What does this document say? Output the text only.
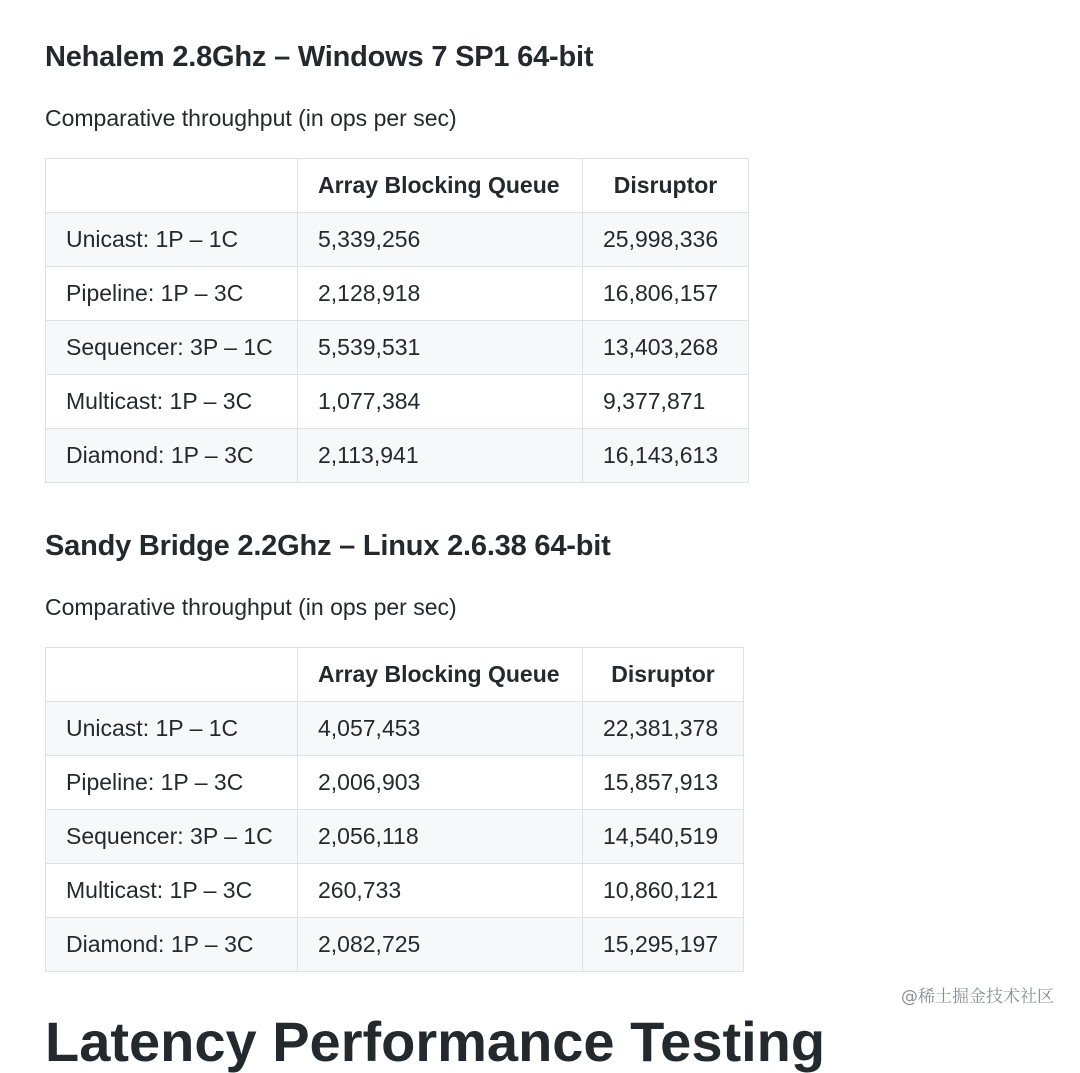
Nehalem 2.8Ghz – Windows 7 SP1 64-bit

Comparative throughput (in ops per sec)

	Array Blocking Queue	Disruptor
Unicast: 1P – 1C	5,339,256	25,998,336
Pipeline: 1P – 3C	2,128,918	16,806,157
Sequencer: 3P – 1C	5,539,531	13,403,268
Multicast: 1P – 3C	1,077,384	9,377,871
Diamond: 1P – 3C	2,113,941	16,143,613
Sandy Bridge 2.2Ghz – Linux 2.6.38 64-bit

Comparative throughput (in ops per sec)

	Array Blocking Queue	Disruptor
Unicast: 1P – 1C	4,057,453	22,381,378
Pipeline: 1P – 3C	2,006,903	15,857,913
Sequencer: 3P – 1C	2,056,118	14,540,519
Multicast: 1P – 3C	260,733	10,860,121
Diamond: 1P – 3C	2,082,725	15,295,197
@稀土掘金技术社区
Latency Performance Testing
